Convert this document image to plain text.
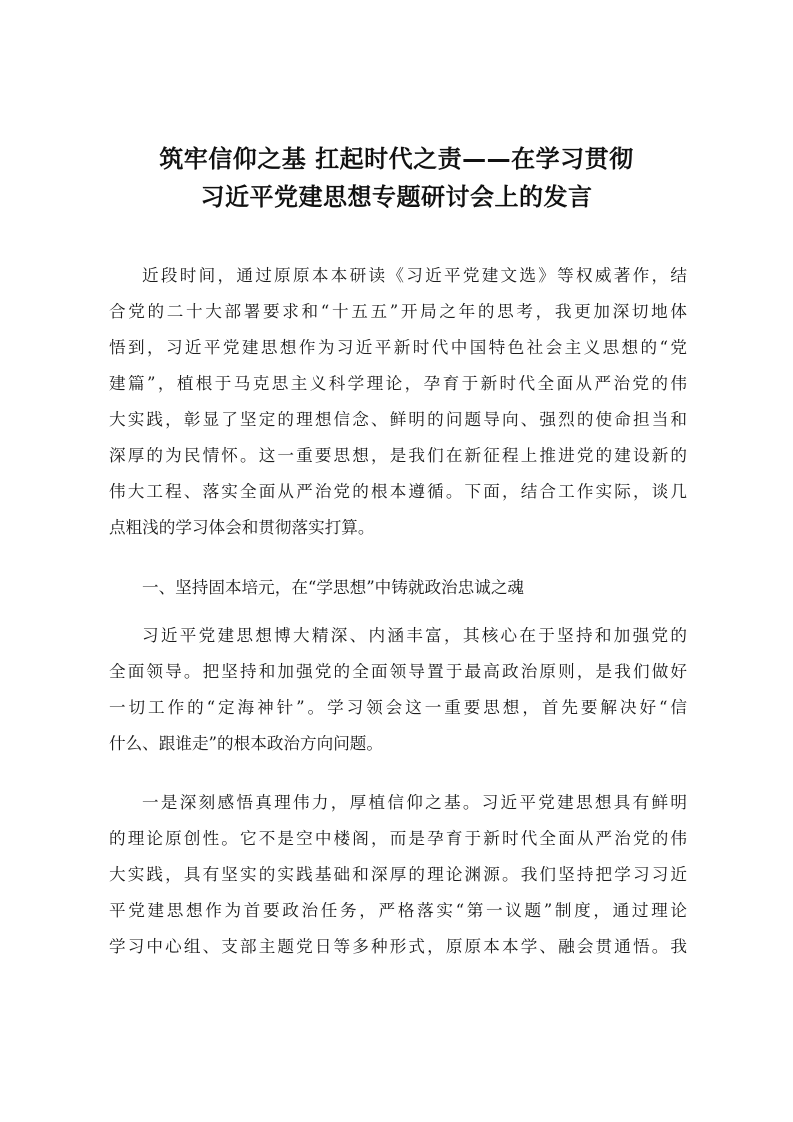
筑牢信仰之基 扛起时代之责——在学习贯彻
习近平党建思想专题研讨会上的发言
近段时间，通过原原本本研读《习近平党建文选》等权威著作，结
合党的二十大部署要求和“十五五”开局之年的思考，我更加深切地体
悟到，习近平党建思想作为习近平新时代中国特色社会主义思想的“党
建篇”，植根于马克思主义科学理论，孕育于新时代全面从严治党的伟
大实践，彰显了坚定的理想信念、鲜明的问题导向、强烈的使命担当和
深厚的为民情怀。这一重要思想，是我们在新征程上推进党的建设新的
伟大工程、落实全面从严治党的根本遵循。下面，结合工作实际，谈几
点粗浅的学习体会和贯彻落实打算。
一、坚持固本培元，在“学思想”中铸就政治忠诚之魂
习近平党建思想博大精深、内涵丰富，其核心在于坚持和加强党的
全面领导。把坚持和加强党的全面领导置于最高政治原则，是我们做好
一切工作的“定海神针”。学习领会这一重要思想，首先要解决好“信
什么、跟谁走”的根本政治方向问题。
一是深刻感悟真理伟力，厚植信仰之基。习近平党建思想具有鲜明
的理论原创性。它不是空中楼阁，而是孕育于新时代全面从严治党的伟
大实践，具有坚实的实践基础和深厚的理论渊源。我们坚持把学习习近
平党建思想作为首要政治任务，严格落实“第一议题”制度，通过理论
学习中心组、支部主题党日等多种形式，原原本本学、融会贯通悟。我
